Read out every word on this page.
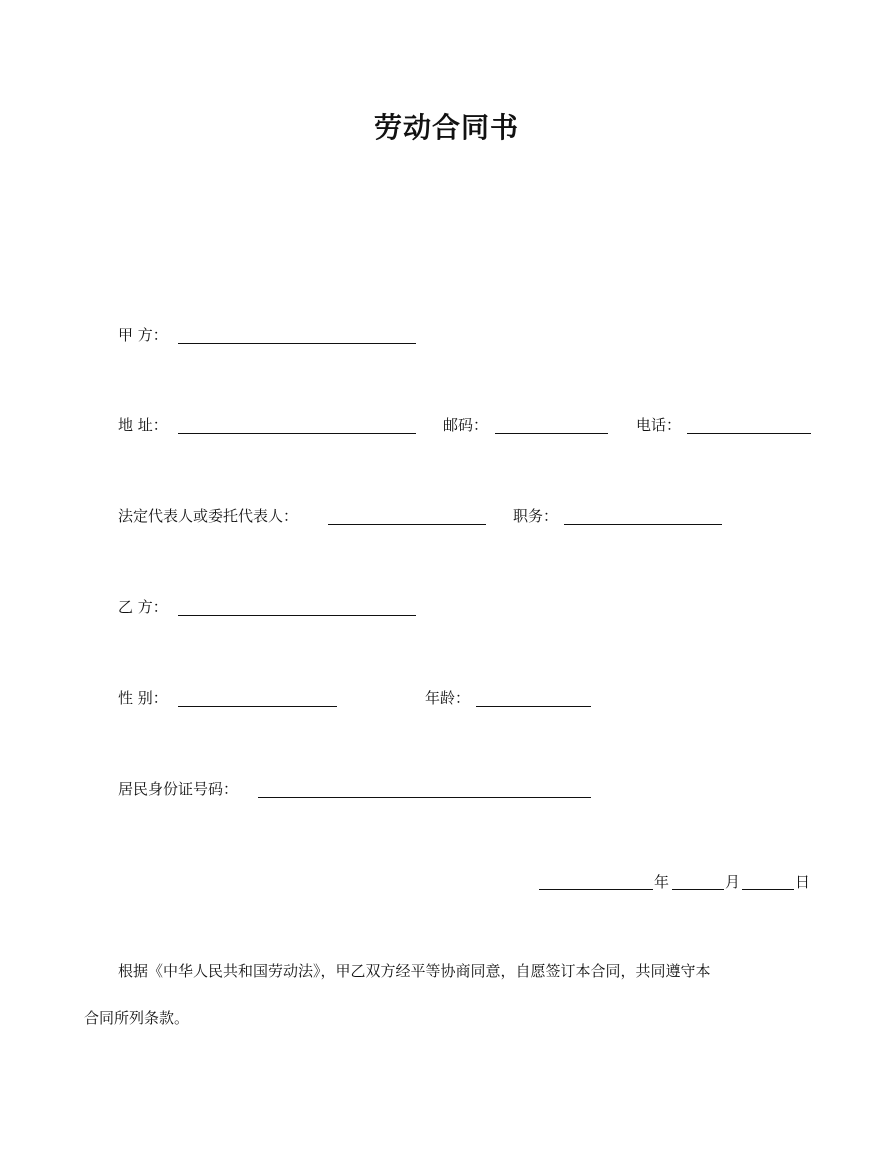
劳动合同书
甲 方：
地 址：	邮码：	电话：
法定代表人或委托代表人：	职务：
乙 方：
性 别：	年龄：
居民身份证号码：
年	月	日
根据《中华人民共和国劳动法》，甲乙双方经平等协商同意，自愿签订本合同，共同遵守本
合同所列条款。
